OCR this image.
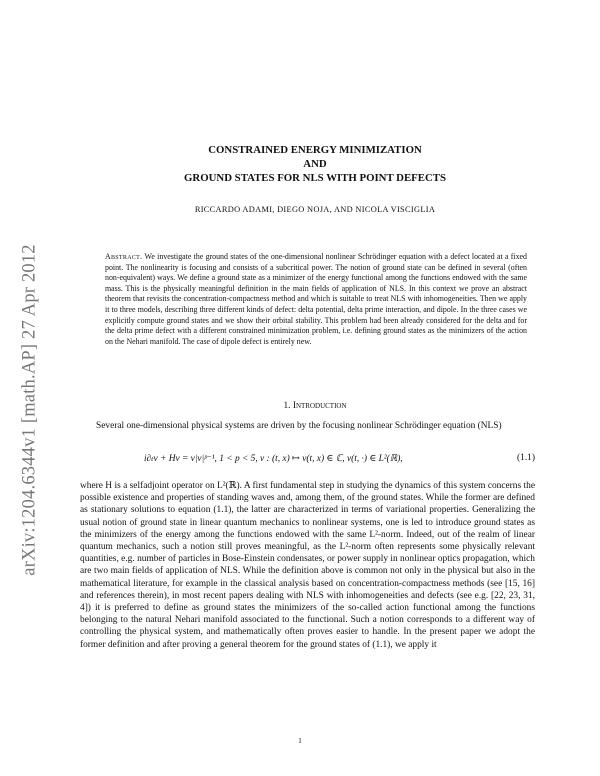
arXiv:1204.6344v1 [math.AP] 27 Apr 2012
CONSTRAINED ENERGY MINIMIZATION
AND
GROUND STATES FOR NLS WITH POINT DEFECTS
RICCARDO ADAMI, DIEGO NOJA, AND NICOLA VISCIGLIA
Abstract. We investigate the ground states of the one-dimensional nonlinear Schrödinger equation with a defect located at a fixed point. The nonlinearity is focusing and consists of a subcritical power. The notion of ground state can be defined in several (often non-equivalent) ways. We define a ground state as a minimizer of the energy functional among the functions endowed with the same mass. This is the physically meaningful definition in the main fields of application of NLS. In this context we prove an abstract theorem that revisits the concentration-compactness method and which is suitable to treat NLS with inhomogeneities. Then we apply it to three models, describing three different kinds of defect: delta potential, delta prime interaction, and dipole. In the three cases we explicitly compute ground states and we show their orbital stability. This problem had been already considered for the delta and for the delta prime defect with a different constrained minimization problem, i.e. defining ground states as the minimizers of the action on the Nehari manifold. The case of dipole defect is entirely new.
1. Introduction
Several one-dimensional physical systems are driven by the focusing nonlinear Schrödinger equation (NLS)
i∂ₜv + Hv = v|v|ᵖ⁻¹, 1 < p < 5, v : (t, x) ↦ v(t, x) ∈ ℂ, v(t, ·) ∈ L²(ℝ),	(1.1)
where H is a selfadjoint operator on L²(ℝ). A first fundamental step in studying the dynamics of this system concerns the possible existence and properties of standing waves and, among them, of the ground states. While the former are defined as stationary solutions to equation (1.1), the latter are characterized in terms of variational properties. Generalizing the usual notion of ground state in linear quantum mechanics to nonlinear systems, one is led to introduce ground states as the minimizers of the energy among the functions endowed with the same L²-norm. Indeed, out of the realm of linear quantum mechanics, such a notion still proves meaningful, as the L²-norm often represents some physically relevant quantities, e.g. number of particles in Bose-Einstein condensates, or power supply in nonlinear optics propagation, which are two main fields of application of NLS. While the definition above is common not only in the physical but also in the mathematical literature, for example in the classical analysis based on concentration-compactness methods (see [15, 16] and references therein), in most recent papers dealing with NLS with inhomogeneities and defects (see e.g. [22, 23, 31, 4]) it is preferred to define as ground states the minimizers of the so-called action functional among the functions belonging to the natural Nehari manifold associated to the functional. Such a notion corresponds to a different way of controlling the physical system, and mathematically often proves easier to handle. In the present paper we adopt the former definition and after proving a general theorem for the ground states of (1.1), we apply it
1
